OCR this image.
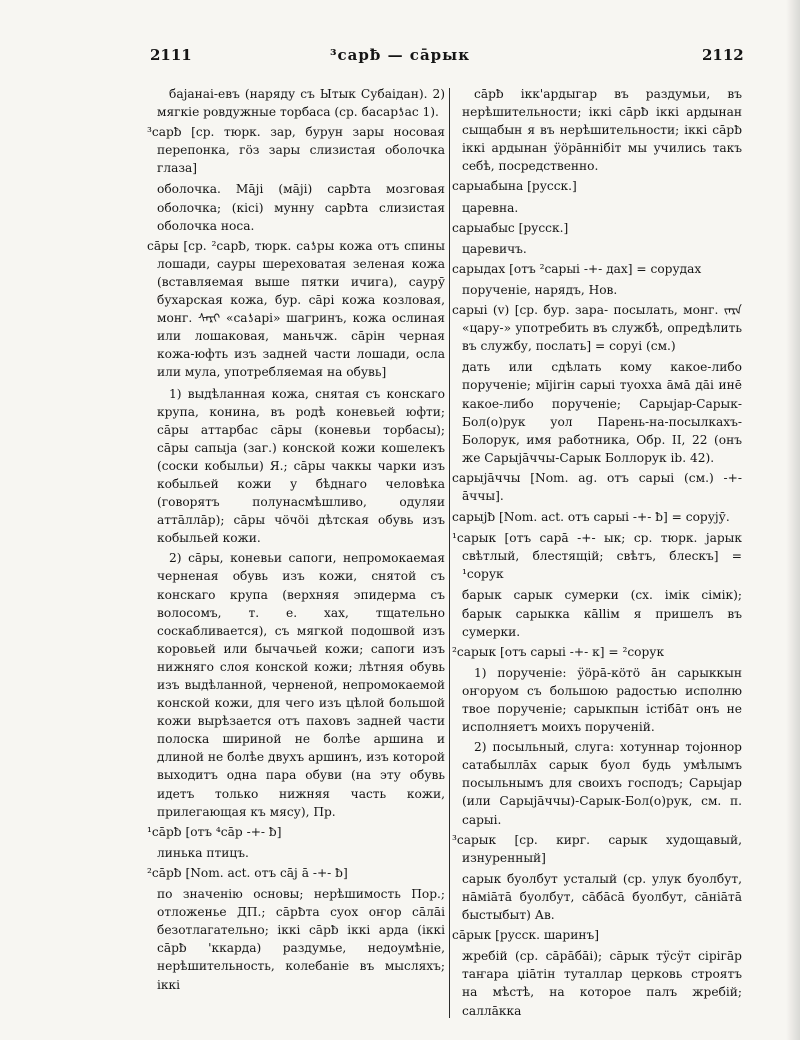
2111	³сарƀ — сāрык	2112

баjанаі-евъ (наряду съ Ытык Субаідан). 2) мягкіе ровдужные торбаса (ср. басарƾас 1).

³сарƀ [ср. тюрк. зар, бурун зары носовая перепонка, гöз зары слизистая оболочка глаза]

оболочка. Мājі (мājі) сарƀта мозговая оболочка; (кісі) мунну сарƀта слизистая оболочка носа.

сāры [ср. ²сарƀ, тюрк. саƾры кожа отъ спины лошади, сауры шереховатая зеленая кожа (вставляемая выше пятки ичига), саурӯ бухарская кожа, бур. сāрі кожа козловая, монг. ᠰᠠᠷᠢ «саƾарі» шагринъ, кожа ослиная или лошаковая, маньчж. сāрін черная кожа-юфть изъ задней части лошади, осла или мула, употребляемая на обувь]

1) выдѣланная кожа, снятая съ конскаго крупа, конина, въ родѣ коневьей юфти; сāры аттарбас сāры (коневьи торбасы); сāры сапыjа (заг.) конской кожи кошелекъ (соски кобыльи) Я.; сāры чаккы чарки изъ кобыльей кожи у бѣднаго человѣка (говорятъ полунасмѣшливо, одуляи аттāллāр); сāры чöчöi дѣтская обувь изъ кобыльей кожи.

2) сāры, коневьи сапоги, непромокаемая черненая обувь изъ кожи, снятой съ конскаго крупа (верхняя эпидерма съ волосомъ, т. е. хах, тщательно соскабливается), съ мягкой подошвой изъ коровьей или бычачьей кожи; сапоги изъ нижняго слоя конской кожи; лѣтняя обувь изъ выдѣланной, черненой, непромокаемой конской кожи, для чего изъ цѣлой большой кожи вырѣзается отъ паховъ задней части полоска шириной не болѣе аршина и длиной не болѣе двухъ аршинъ, изъ которой выходитъ одна пара обуви (на эту обувь идетъ только нижняя часть кожи, прилегающая къ мясу), Пр.

¹сāрƀ [отъ ⁴сāр -+- ƀ]

линька птицъ.

²сāрƀ [Nom. act. отъ сāj ā -+- ƀ]

по значенію основы; нерѣшимость Пор.; отложенье ДП.; сāрƀта суох оҥор сāлāi безотлагательно; іккі сāрƀ іккі арда (іккі сāрƀ 'ккарда) раздумье, недоумѣніе, нерѣшительность, колебаніе въ мысляхъ; іккі

сāрƀ ікк'ардыгар въ раздумьи, въ нерѣшительности; іккі сāрƀ іккі ардынан сыщабын я въ нерѣшительности; іккі сāрƀ іккі ардынан ӱöрāннібіт мы учились такъ себѣ, посредственно.

сарыабына [русск.]

царевна.

сарыабыс [русск.]

царевичъ.

сарыдах [отъ ²сарыі -+- дах] = сорудах

порученіе, нарядъ, Нов.

сарыі (v) [ср. бур. зара- посылать, монг. ᠵᠠᠷᠠ «цару-» употребить въ службѣ, опредѣлить въ службу, послать] = соруі (см.)

дать или сдѣлать кому какое-либо порученіе; мījігін сарыі туохха āмā дāі инē какое-либо порученіе; Сарыjар-Сарык-Бол(о)рук уол Парень-на-посылкахъ-Болорук, имя работника, Обр. II, 22 (онъ же Сарыjāччы-Сарык Боллорук ib. 42).

сарыjāччы [Nom. ag. отъ сарыі (см.) -+- āччы].

сарыjƀ [Nom. act. отъ сарыі -+- ƀ] = соруjӯ.

¹сарык [отъ сарā -+- ык; ср. тюрк. jарык свѣтлый, блестящій; свѣтъ, блескъ] = ¹сорук

барык сарык сумерки (сх. імік сімік); барык сарыкка кāllім я пришелъ въ сумерки.

²сарык [отъ сарыі -+- к] = ²сорук

1) порученіе: ӱöрā-кöтö āн сарыккын оҥоруом съ большою радостью исполню твое порученіе; сарыкпын істібāт онъ не исполняетъ моихъ порученій.

2) посыльный, слуга: хотуннар тоjоннор сатабыллāх сарык буол будь умѣлымъ посыльнымъ для своихъ господъ; Сарыjар (или Сарыjāччы)-Сарык-Бол(о)рук, см. п. сарыі.

³сарык [ср. кирг. сарык худощавый, изнуренный]

сарык буолбут усталый (ср. улук буолбут, нāміāтā буолбут, сāбāсā буолбут, сāніāтā быстыбыт) Ав.

сāрык [русск. шаринъ]

жребій (ср. сāрāбāі); сāрык тӱсӱт сірігāр таҥара џіāтін туталлар церковь строятъ на мѣстѣ, на которое палъ жребій; саллāкка
